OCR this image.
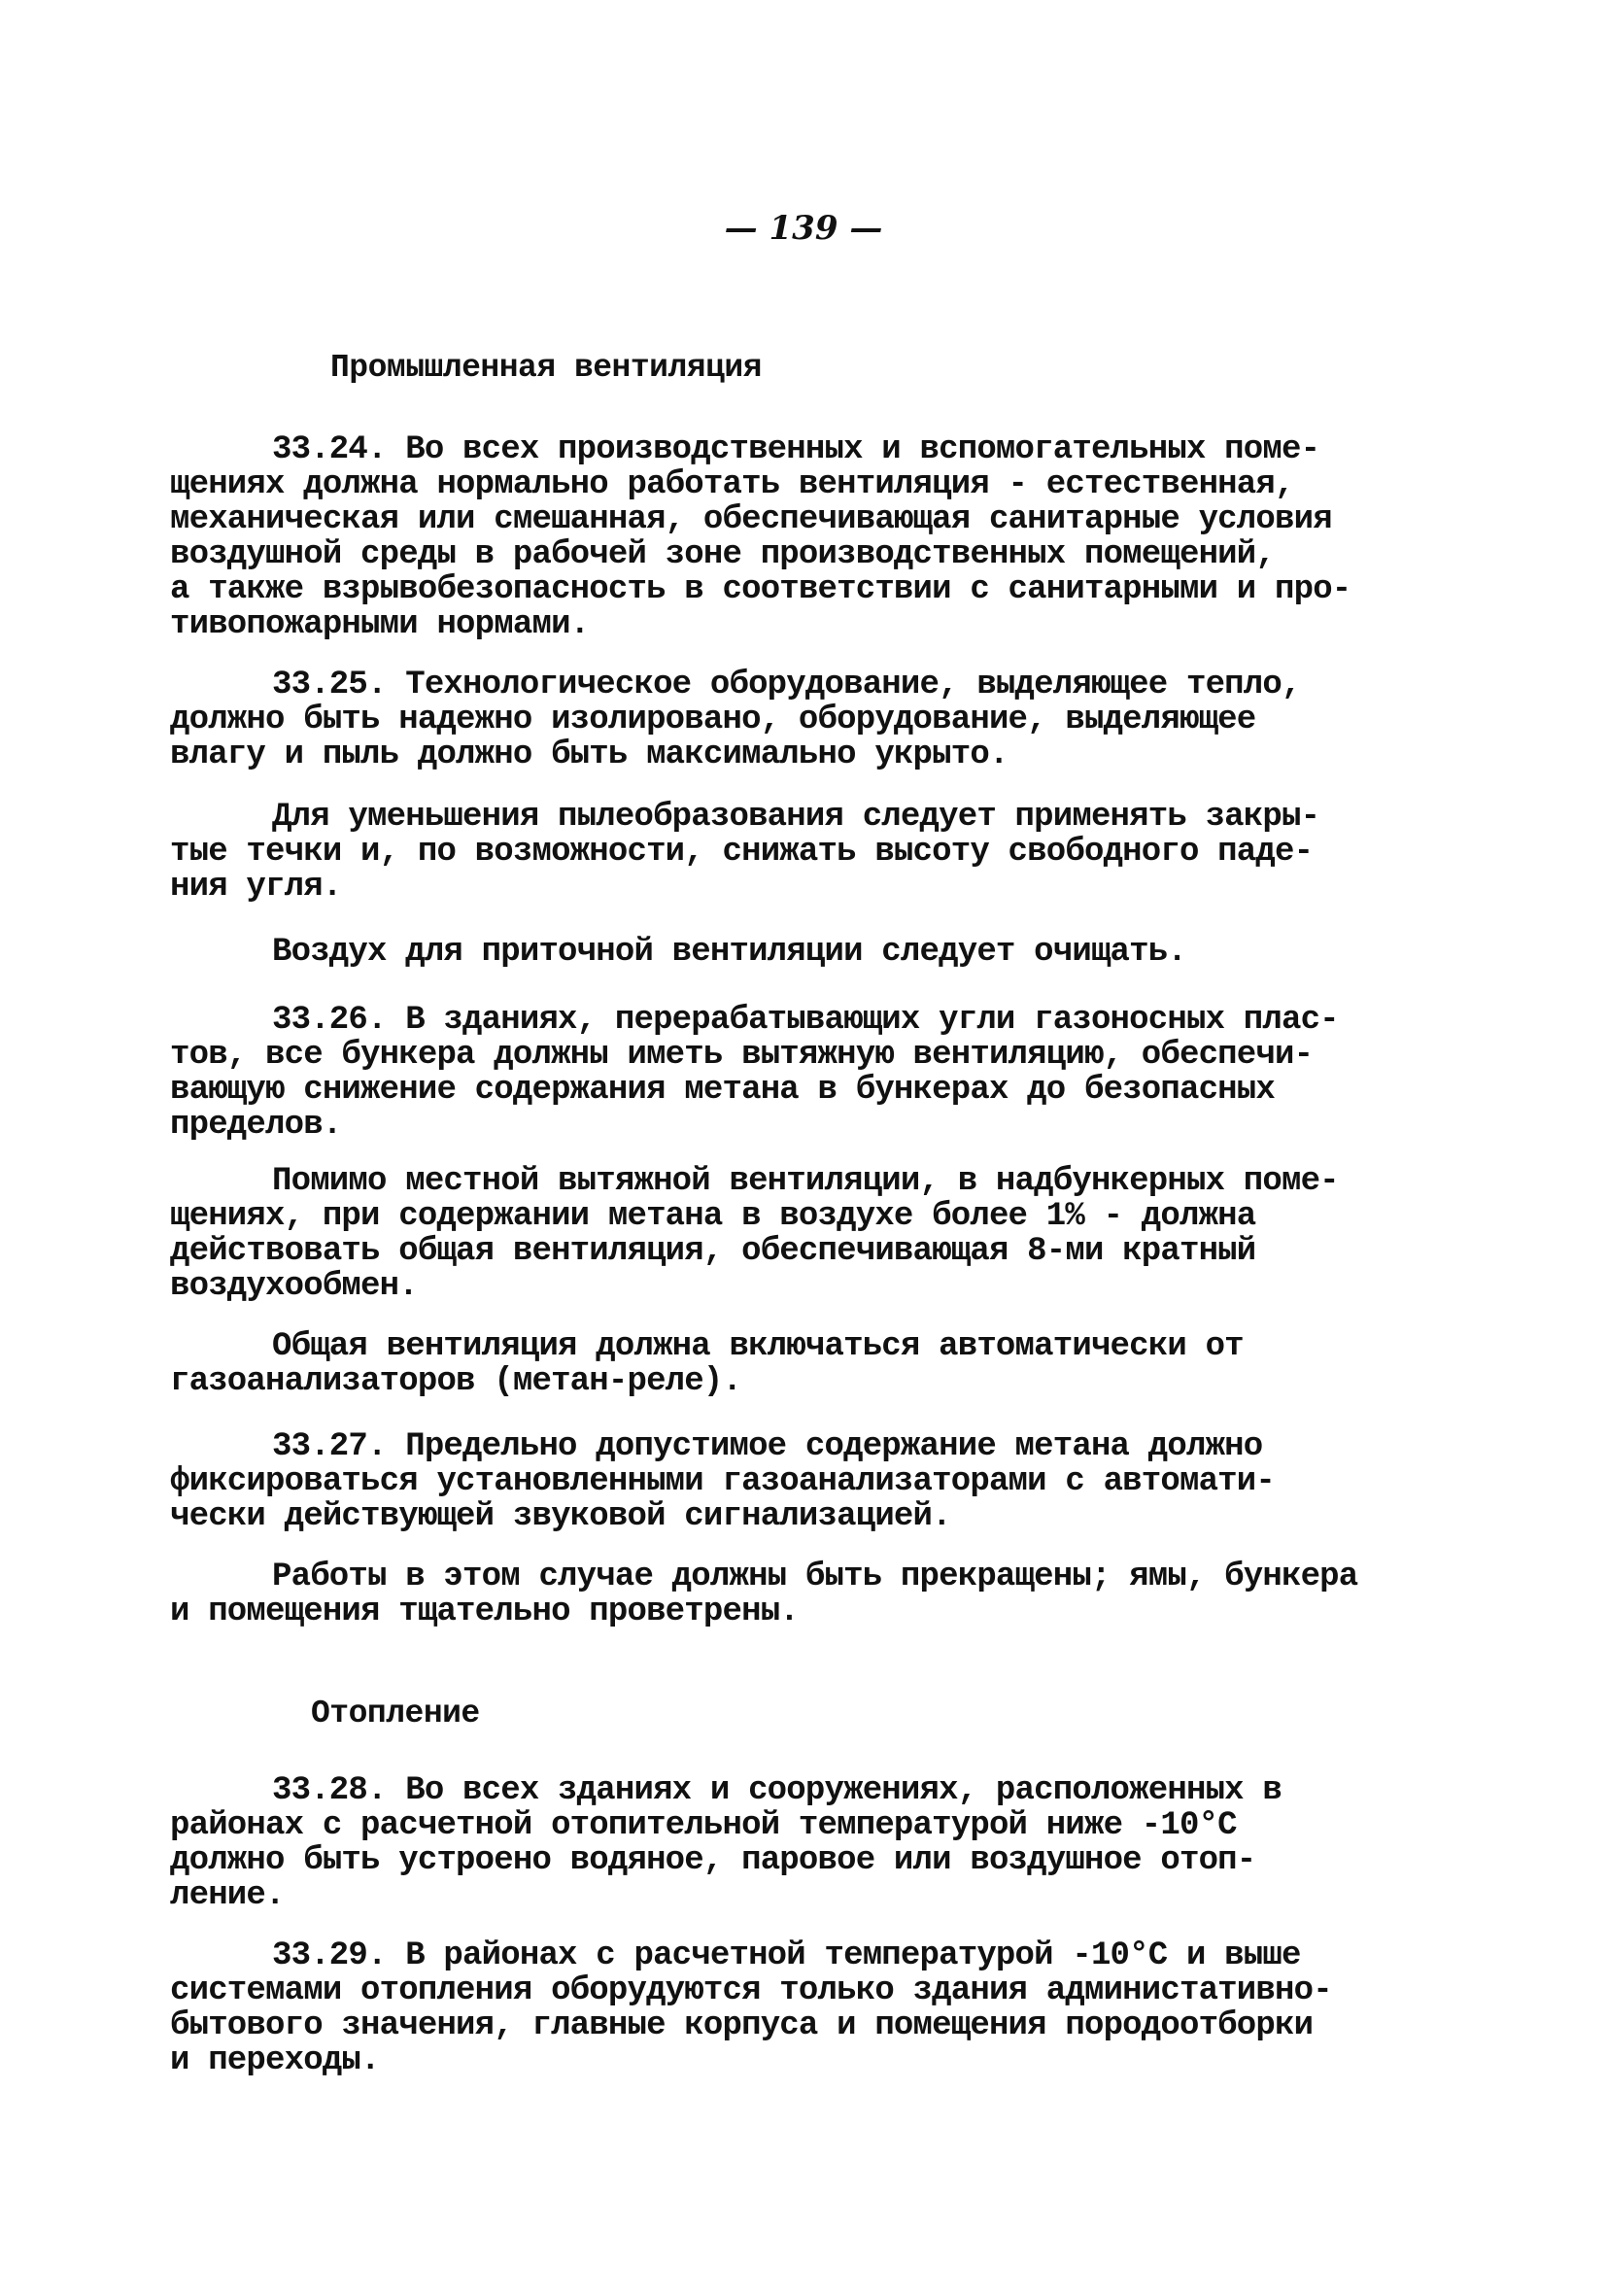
— 139 —
Промышленная вентиляция
33.24. Во всех производственных и вспомогательных поме-
щениях должна нормально работать вентиляция - естественная,
механическая или смешанная, обеспечивающая санитарные условия
воздушной среды в рабочей зоне производственных помещений,
а также взрывобезопасность в соответствии с санитарными и про-
тивопожарными нормами.
33.25. Технологическое оборудование, выделяющее тепло,
должно быть надежно изолировано, оборудование, выделяющее
влагу и пыль должно быть максимально укрыто.
Для уменьшения пылеобразования следует применять закры-
тые течки и, по возможности, снижать высоту свободного паде-
ния угля.
Воздух для приточной вентиляции следует очищать.
33.26. В зданиях, перерабатывающих угли газоносных плас-
тов, все бункера должны иметь вытяжную вентиляцию, обеспечи-
вающую снижение содержания метана в бункерах до безопасных
пределов.
Помимо местной вытяжной вентиляции, в надбункерных поме-
щениях, при содержании метана в воздухе более 1% - должна
действовать общая вентиляция, обеспечивающая 8-ми кратный
воздухообмен.
Общая вентиляция должна включаться автоматически от
газоанализаторов (метан-реле).
33.27. Предельно допустимое содержание метана должно
фиксироваться установленными газоанализаторами с автомати-
чески действующей звуковой сигнализацией.
Работы в этом случае должны быть прекращены; ямы, бункера
и помещения тщательно проветрены.
Отопление
33.28. Во всех зданиях и сооружениях, расположенных в
районах с расчетной отопительной температурой ниже -10°С
должно быть устроено водяное, паровое или воздушное отоп-
ление.
33.29. В районах с расчетной температурой -10°С и выше
системами отопления оборудуются только здания администативно-
бытового значения, главные корпуса и помещения породоотборки
и переходы.
